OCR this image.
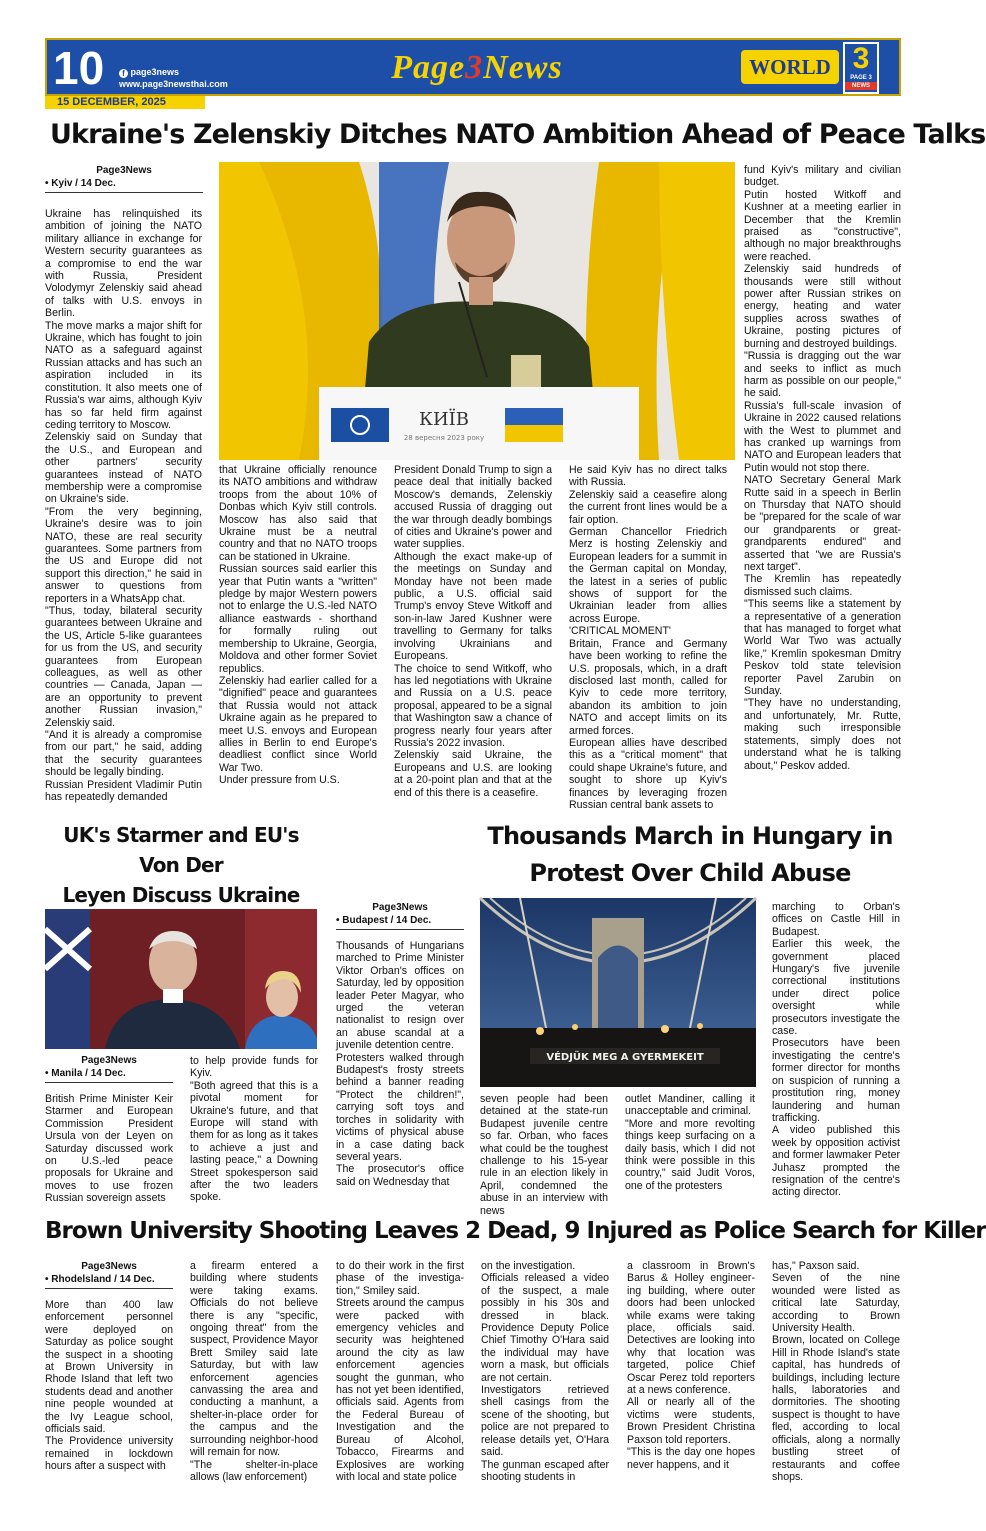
10	f page3news
www.page3newsthai.com	Page3News	WORLD 3
PAGE 3
NEWS
15 DECEMBER, 2025
Ukraine's Zelenskiy Ditches NATO Ambition Ahead of Peace Talks
Page3News
• Kyiv / 14 Dec.
КИЇВ
28 вересня 2023 року

Ukraine has relinquished its ambition of joining the NATO military alliance in exchange for Western security guarantees as a compromise to end the war with Russia, President Volodymyr Zelenskiy said ahead of talks with U.S. envoys in Berlin.

The move marks a major shift for Ukraine, which has fought to join NATO as a safeguard against Russian attacks and has such an aspiration included in its constitution. It also meets one of Russia's war aims, although Kyiv has so far held firm against ceding territory to Moscow.

Zelenskiy said on Sunday that the U.S., and European and other partners' security guarantees instead of NATO membership were a compromise on Ukraine's side.

"From the very beginning, Ukraine's desire was to join NATO, these are real security guarantees. Some partners from the US and Europe did not support this direction," he said in answer to questions from reporters in a WhatsApp chat.

"Thus, today, bilateral security guarantees between Ukraine and the US, Article 5-like guarantees for us from the US, and security guarantees from European colleagues, as well as other countries — Canada, Japan — are an opportunity to prevent another Russian invasion," Zelenskiy said.

"And it is already a compromise from our part," he said, adding that the security guarantees should be legally binding.

Russian President Vladimir Putin has repeatedly demanded

that Ukraine officially renounce its NATO ambitions and withdraw troops from the about 10% of Donbas which Kyiv still controls. Moscow has also said that Ukraine must be a neutral country and that no NATO troops can be stationed in Ukraine.

Russian sources said earlier this year that Putin wants a "written" pledge by major Western powers not to enlarge the U.S.-led NATO alliance eastwards - shorthand for formally ruling out membership to Ukraine, Georgia, Moldova and other former Soviet republics.

Zelenskiy had earlier called for a "dignified" peace and guarantees that Russia would not attack Ukraine again as he prepared to meet U.S. envoys and European allies in Berlin to end Europe's deadliest conflict since World War Two.

Under pressure from U.S.

President Donald Trump to sign a peace deal that initially backed Moscow's demands, Zelenskiy accused Russia of dragging out the war through deadly bombings of cities and Ukraine's power and water supplies.

Although the exact make-up of the meetings on Sunday and Monday have not been made public, a U.S. official said Trump's envoy Steve Witkoff and son-in-law Jared Kushner were travelling to Germany for talks involving Ukrainians and Europeans.

The choice to send Witkoff, who has led negotiations with Ukraine and Russia on a U.S. peace proposal, appeared to be a signal that Washington saw a chance of progress nearly four years after Russia's 2022 invasion.

Zelenskiy said Ukraine, the Europeans and U.S. are looking at a 20-point plan and that at the end of this there is a ceasefire.

He said Kyiv has no direct talks with Russia.

Zelenskiy said a ceasefire along the current front lines would be a fair option.

German Chancellor Friedrich Merz is hosting Zelenskiy and European leaders for a summit in the German capital on Monday, the latest in a series of public shows of support for the Ukrainian leader from allies across Europe.

'CRITICAL MOMENT'

Britain, France and Germany have been working to refine the U.S. proposals, which, in a draft disclosed last month, called for Kyiv to cede more territory, abandon its ambition to join NATO and accept limits on its armed forces.

European allies have described this as a "critical moment" that could shape Ukraine's future, and sought to shore up Kyiv's finances by leveraging frozen Russian central bank assets to

fund Kyiv's military and civilian budget.

Putin hosted Witkoff and Kushner at a meeting earlier in December that the Kremlin praised as "constructive", although no major breakthroughs were reached.

Zelenskiy said hundreds of thousands were still without power after Russian strikes on energy, heating and water supplies across swathes of Ukraine, posting pictures of burning and destroyed buildings.

"Russia is dragging out the war and seeks to inflict as much harm as possible on our people," he said.

Russia's full-scale invasion of Ukraine in 2022 caused relations with the West to plummet and has cranked up warnings from NATO and European leaders that Putin would not stop there.

NATO Secretary General Mark Rutte said in a speech in Berlin on Thursday that NATO should be "prepared for the scale of war our grandparents or great-grandparents endured" and asserted that "we are Russia's next target".

The Kremlin has repeatedly dismissed such claims.

"This seems like a statement by a representative of a generation that has managed to forget what World War Two was actually like," Kremlin spokesman Dmitry Peskov told state television reporter Pavel Zarubin on Sunday.

"They have no understanding, and unfortunately, Mr. Rutte, making such irresponsible statements, simply does not understand what he is talking about," Peskov added.

UK's Starmer and EU's Von Der
Leyen Discuss Ukraine
Page3News
• Manila / 14 Dec.

British Prime Minister Keir Starmer and European Commission President Ursula von der Leyen on Saturday discussed work on U.S.-led peace proposals for Ukraine and moves to use frozen Russian sovereign assets

to help provide funds for Kyiv.

"Both agreed that this is a pivotal moment for Ukraine's future, and that Europe will stand with them for as long as it takes to achieve a just and lasting peace," a Downing Street spokesperson said after the two leaders spoke.

Thousands March in Hungary in
Protest Over Child Abuse
Page3News
• Budapest / 14 Dec.

Thousands of Hungarians marched to Prime Minister Viktor Orban's offices on Saturday, led by opposition leader Peter Magyar, who urged the veteran nationalist to resign over an abuse scandal at a juvenile detention centre.

Protesters walked through Budapest's frosty streets behind a banner reading "Protect the children!", carrying soft toys and torches in solidarity with victims of physical abuse in a case dating back several years.

The prosecutor's office said on Wednesday that

VÉDJÜK MEG A GYERMEKEIT

seven people had been detained at the state-run Budapest juvenile centre so far. Orban, who faces what could be the toughest challenge to his 15-year rule in an election likely in April, condemned the abuse in an interview with news

outlet Mandiner, calling it unacceptable and criminal.

"More and more revolting things keep surfacing on a daily basis, which I did not think were possible in this country," said Judit Voros, one of the protesters

marching to Orban's offices on Castle Hill in Budapest.

Earlier this week, the government placed Hungary's five juvenile correctional institutions under direct police oversight while prosecutors investigate the case.

Prosecutors have been investigating the centre's former director for months on suspicion of running a prostitution ring, money laundering and human trafficking.

A video published this week by opposition activist and former lawmaker Peter Juhasz prompted the resignation of the centre's acting director.

Brown University Shooting Leaves 2 Dead, 9 Injured as Police Search for Killer
Page3News
• Rhodelsland / 14 Dec.

More than 400 law enforcement personnel were deployed on Saturday as police sought the suspect in a shooting at Brown University in Rhode Island that left two students dead and another nine people wounded at the Ivy League school, officials said.

The Providence university remained in lockdown hours after a suspect with

a firearm entered a building where students were taking exams. Officials do not believe there is any "specific, ongoing threat" from the suspect, Providence Mayor Brett Smiley said late Saturday, but with law enforcement agencies canvassing the area and conducting a manhunt, a shelter-in-place order for the campus and the surrounding neighbor-hood will remain for now.

"The shelter-in-place allows (law enforcement)

to do their work in the first phase of the investiga-tion," Smiley said.

Streets around the campus were packed with emergency vehicles and security was heightened around the city as law enforcement agencies sought the gunman, who has not yet been identified, officials said. Agents from the Federal Bureau of Investigation and the Bureau of Alcohol, Tobacco, Firearms and Explosives are working with local and state police

on the investigation.

Officials released a video of the suspect, a male possibly in his 30s and dressed in black. Providence Deputy Police Chief Timothy O'Hara said the individual may have worn a mask, but officials are not certain.

Investigators retrieved shell casings from the scene of the shooting, but police are not prepared to release details yet, O'Hara said.

The gunman escaped after shooting students in

a classroom in Brown's Barus & Holley engineer-ing building, where outer doors had been unlocked while exams were taking place, officials said. Detectives are looking into why that location was targeted, police Chief Oscar Perez told reporters at a news conference.

All or nearly all of the victims were students, Brown President Christina Paxson told reporters.

"This is the day one hopes never happens, and it

has," Paxson said.

Seven of the nine wounded were listed as critical late Saturday, according to Brown University Health.

Brown, located on College Hill in Rhode Island's state capital, has hundreds of buildings, including lecture halls, laboratories and dormitories. The shooting suspect is thought to have fled, according to local officials, along a normally bustling street of restaurants and coffee shops.
